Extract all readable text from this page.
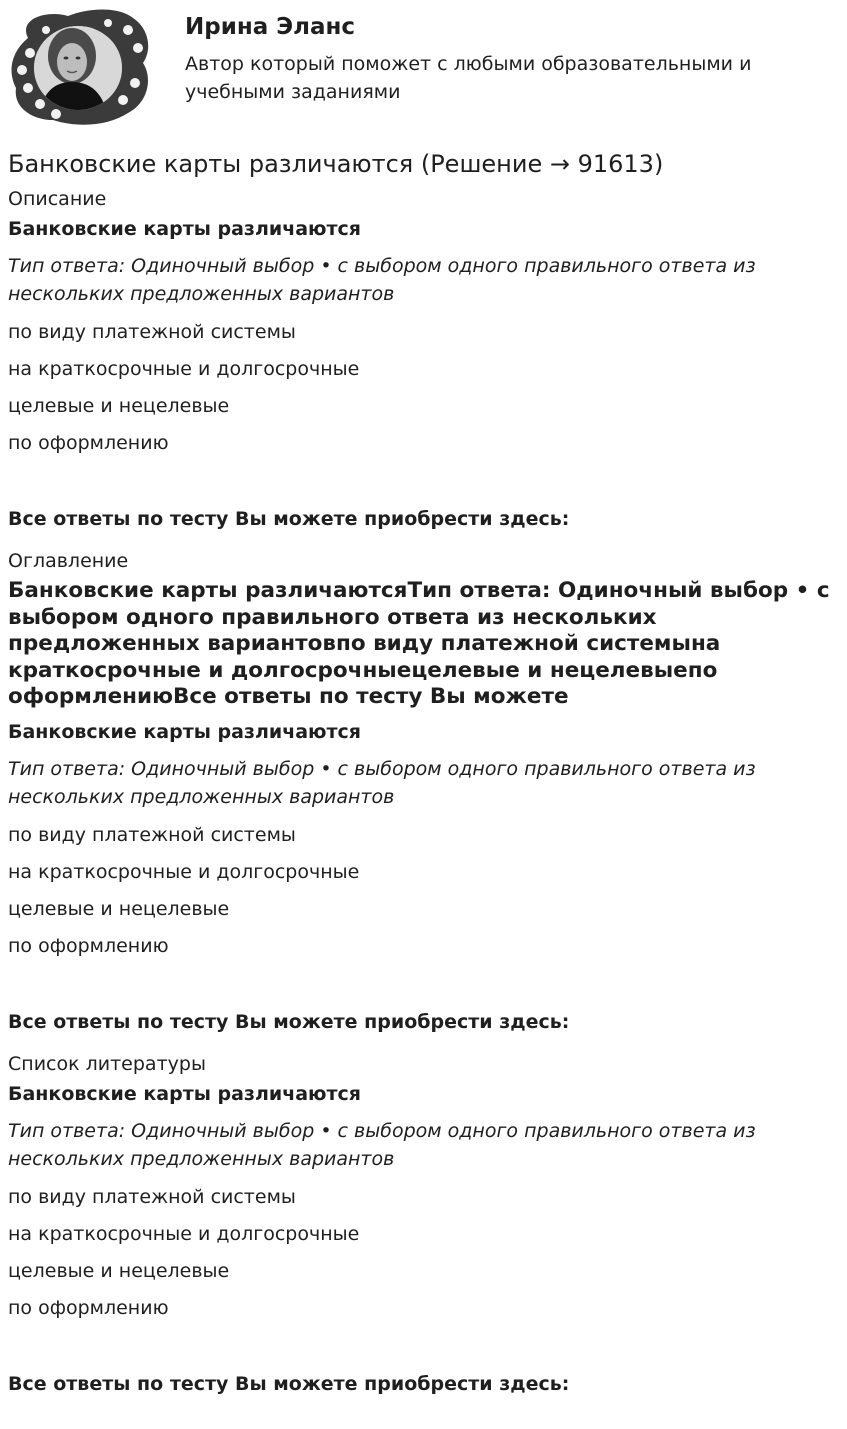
Ирина Эланс
Автор который поможет с любыми образовательными и учебными заданиями
Банковские карты различаются (Решение → 91613)
Описание
Банковские карты различаются
Тип ответа: Одиночный выбор • с выбором одного правильного ответа из нескольких предложенных вариантов
по виду платежной системы
на краткосрочные и долгосрочные
целевые и нецелевые
по оформлению
Все ответы по тесту Вы можете приобрести здесь:
Оглавление
Банковские карты различаютсяТип ответа: Одиночный выбор • с выбором одного правильного ответа из нескольких предложенных вариантовпо виду платежной системына краткосрочные и долгосрочныецелевые и нецелевыепо оформлениюВсе ответы по тесту Вы можете
Банковские карты различаются
Тип ответа: Одиночный выбор • с выбором одного правильного ответа из нескольких предложенных вариантов
по виду платежной системы
на краткосрочные и долгосрочные
целевые и нецелевые
по оформлению
Все ответы по тесту Вы можете приобрести здесь:
Список литературы
Банковские карты различаются
Тип ответа: Одиночный выбор • с выбором одного правильного ответа из нескольких предложенных вариантов
по виду платежной системы
на краткосрочные и долгосрочные
целевые и нецелевые
по оформлению
Все ответы по тесту Вы можете приобрести здесь:
